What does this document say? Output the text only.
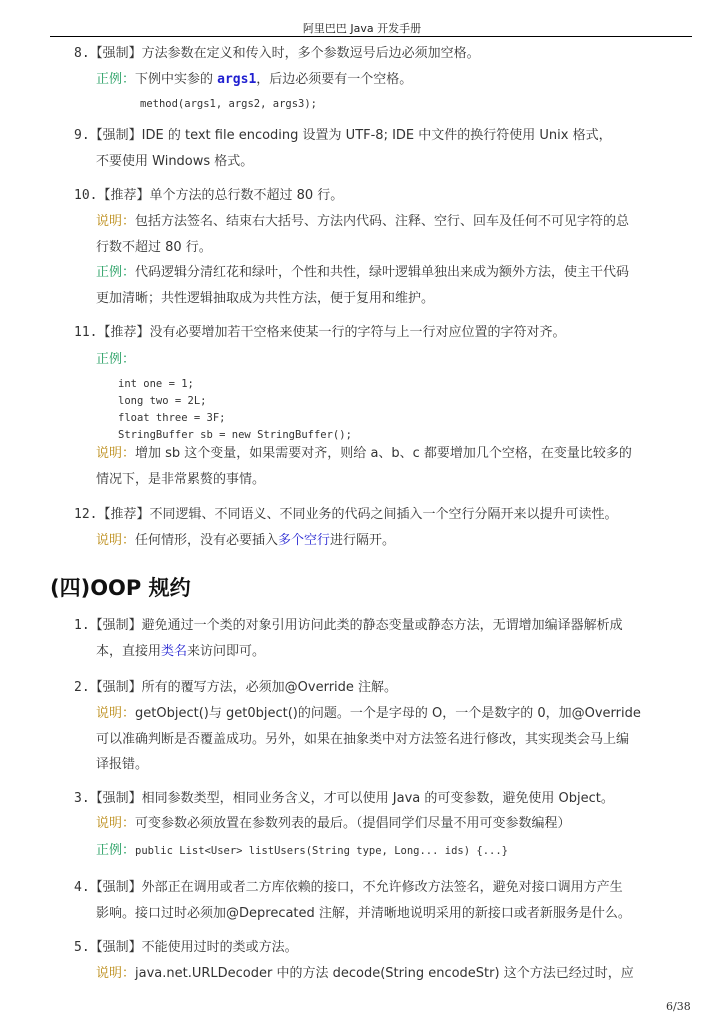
阿里巴巴 Java 开发手册
8.【强制】方法参数在定义和传入时，多个参数逗号后边必须加空格。
正例：下例中实参的 args1，后边必须要有一个空格。
method(args1, args2, args3);
9.【强制】IDE 的 text file encoding 设置为 UTF-8; IDE 中文件的换行符使用 Unix 格式，
不要使用 Windows 格式。
10.【推荐】单个方法的总行数不超过 80 行。
说明：包括方法签名、结束右大括号、方法内代码、注释、空行、回车及任何不可见字符的总
行数不超过 80 行。
正例：代码逻辑分清红花和绿叶，个性和共性，绿叶逻辑单独出来成为额外方法，使主干代码
更加清晰；共性逻辑抽取成为共性方法，便于复用和维护。
11.【推荐】没有必要增加若干空格来使某一行的字符与上一行对应位置的字符对齐。
正例：
int one = 1;
long two = 2L;
float three = 3F;
StringBuffer sb = new StringBuffer();
说明：增加 sb 这个变量，如果需要对齐，则给 a、b、c 都要增加几个空格，在变量比较多的
情况下，是非常累赘的事情。
12.【推荐】不同逻辑、不同语义、不同业务的代码之间插入一个空行分隔开来以提升可读性。
说明：任何情形，没有必要插入多个空行进行隔开。
(四)OOP 规约
1.【强制】避免通过一个类的对象引用访问此类的静态变量或静态方法，无谓增加编译器解析成
本，直接用类名来访问即可。
2.【强制】所有的覆写方法，必须加@Override 注解。
说明：getObject()与 get0bject()的问题。一个是字母的 O，一个是数字的 0，加@Override
可以准确判断是否覆盖成功。另外，如果在抽象类中对方法签名进行修改，其实现类会马上编
译报错。
3.【强制】相同参数类型，相同业务含义，才可以使用 Java 的可变参数，避免使用 Object。
说明：可变参数必须放置在参数列表的最后。（提倡同学们尽量不用可变参数编程）
正例：public List<User> listUsers(String type, Long... ids) {...}
4.【强制】外部正在调用或者二方库依赖的接口，不允许修改方法签名，避免对接口调用方产生
影响。接口过时必须加@Deprecated 注解，并清晰地说明采用的新接口或者新服务是什么。
5.【强制】不能使用过时的类或方法。
说明：java.net.URLDecoder 中的方法 decode(String encodeStr) 这个方法已经过时，应
6/38
